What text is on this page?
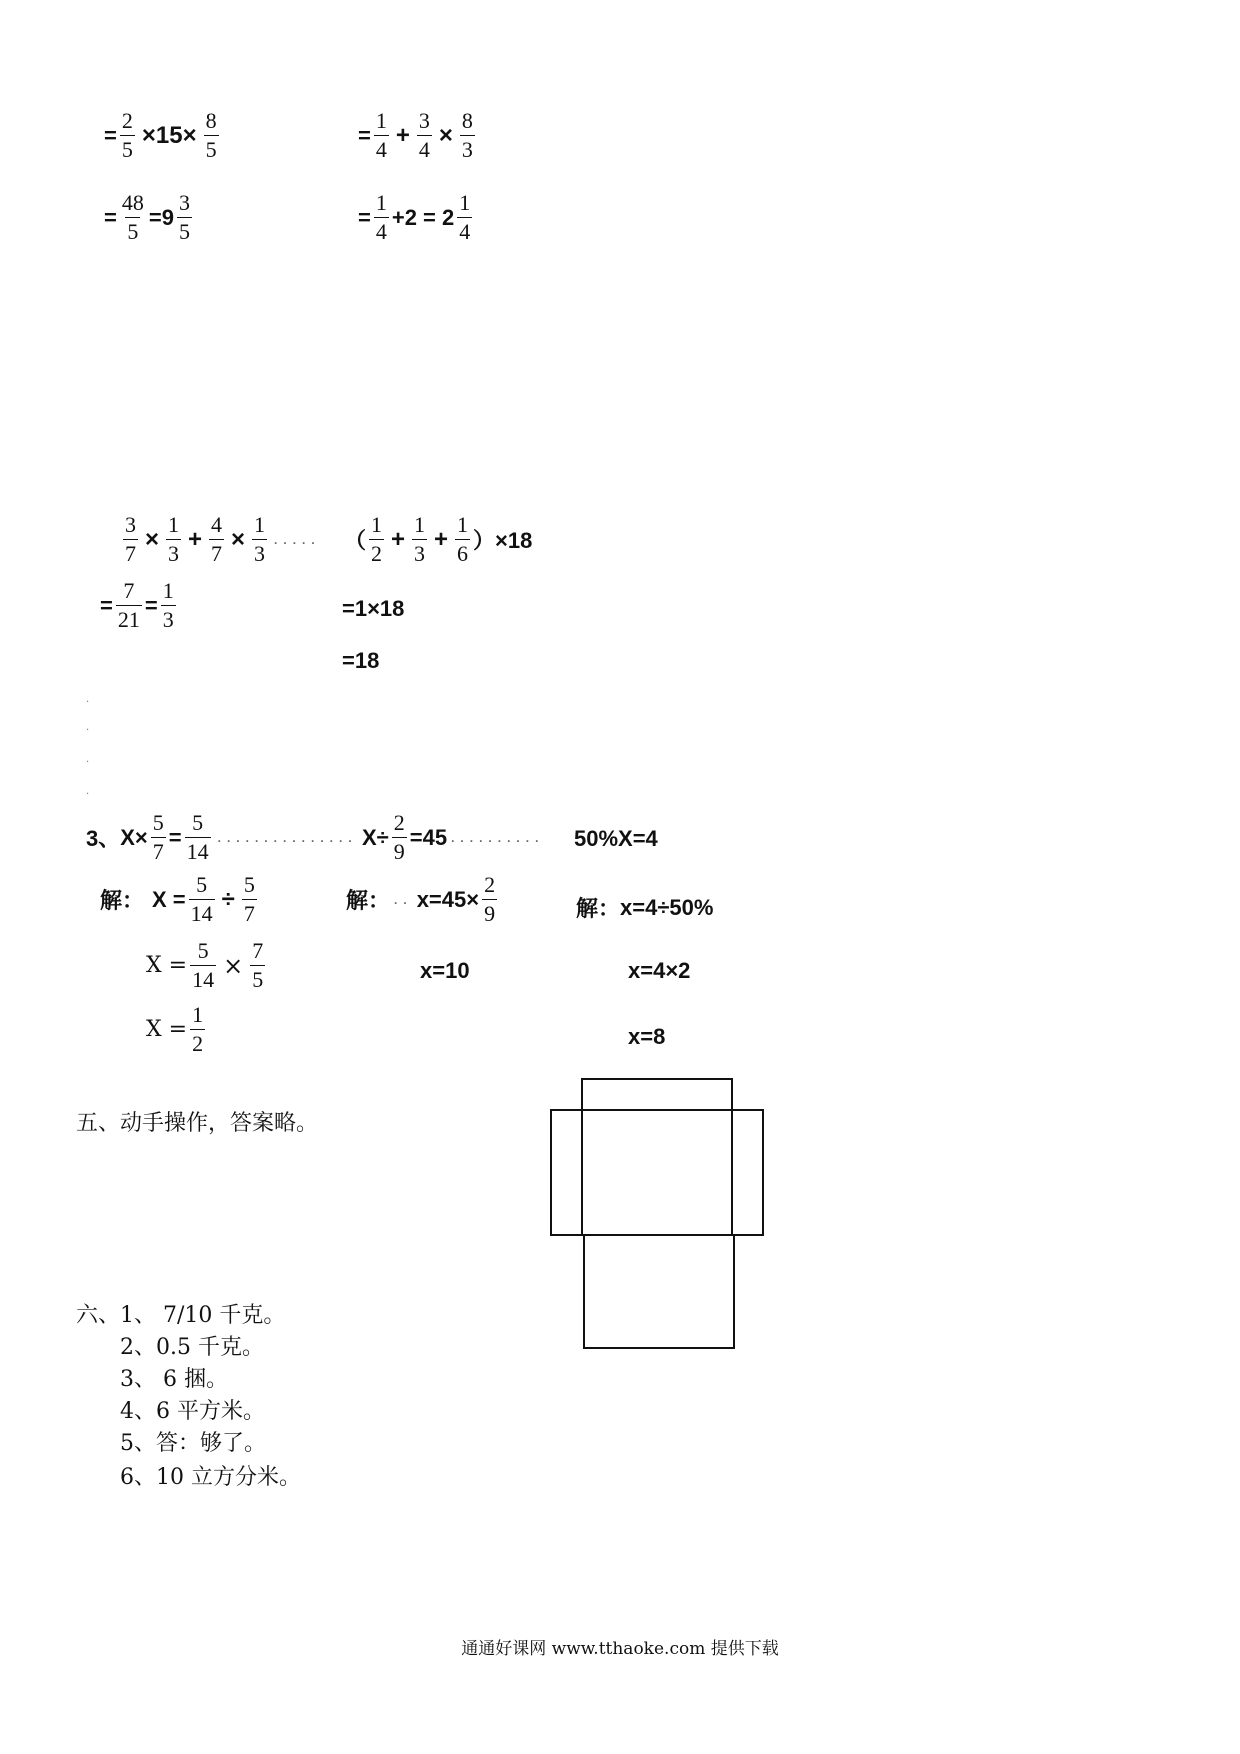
= $\frac{2}{5} \times 15\times \frac{8}{5}$
= $\frac{48}{5} =9 \frac{3}{5}$
= $\frac{1}{4} + \frac{3}{4} \times \frac{8}{3}$
= $\frac{1}{4} +2 = 2 \frac{1}{4}$
$\frac{3}{7} \times \frac{1}{3} + \frac{4}{7} \times \frac{1}{3}$ .....
= $\frac{7}{21} = \frac{1}{3}$
（ $\frac{1}{2} + \frac{1}{3} + \frac{1}{6} )\times 18$
=1×18
=18
.
.
.
.
3、 $X\times \frac{5}{7} = \frac{5}{14}$ ............... $X\div \frac{2}{9} =45$ .......... 50%X=4
解： $X = \frac{5}{14} \div \frac{5}{7}$
$X = \frac{5}{14} \times \frac{7}{5}$
$X = \frac{1}{2}$
解： .. $x=45\times \frac{2}{9}$
x=10
解： x=4÷50%
x=4×2
x=8
五、动手操作，答案略。
六、1、 7/10 千克。
2、0.5 千克。
3、 6 捆。
4、6 平方米。
5、答：够了。
6、10 立方分米。
通通好课网 www.tthaoke.com 提供下载
